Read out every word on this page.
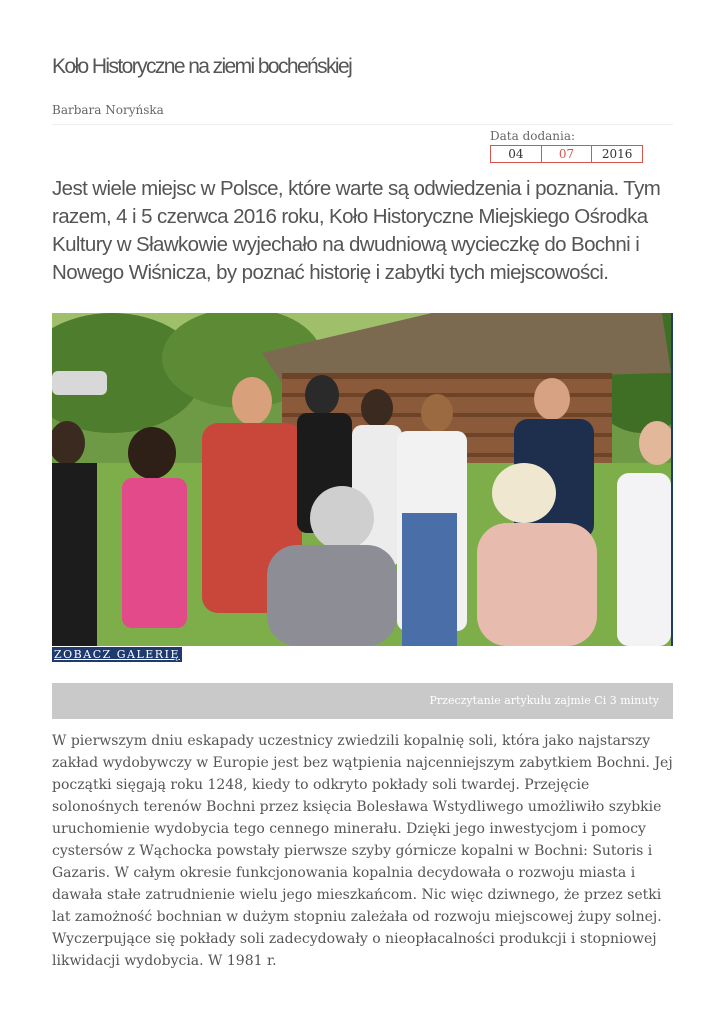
Koło Historyczne na ziemi bocheńskiej
Barbara Noryńska
Data dodania:
04	07	2016

Jest wiele miejsc w Polsce, które warte są odwiedzenia i poznania. Tym razem, 4 i 5 czerwca 2016 roku, Koło Historyczne Miejskiego Ośrodka Kultury w Sławkowie wyjechało na dwudniową wycieczkę do Bochni i Nowego Wiśnicza, by poznać historię i zabytki tych miejscowości.

ZOBACZ GALERIĘ
Przeczytanie artykułu zajmie Ci 3 minuty

W pierwszym dniu eskapady uczestnicy zwiedzili kopalnię soli, która jako najstarszy zakład wydobywczy w Europie jest bez wątpienia najcenniejszym zabytkiem Bochni. Jej początki sięgają roku 1248, kiedy to odkryto pokłady soli twardej. Przejęcie solonośnych terenów Bochni przez księcia Bolesława Wstydliwego umożliwiło szybkie uruchomienie wydobycia tego cennego minerału. Dzięki jego inwestycjom i pomocy cystersów z Wąchocka powstały pierwsze szyby górnicze kopalni w Bochni: Sutoris i Gazaris. W całym okresie funkcjonowania kopalnia decydowała o rozwoju miasta i dawała stałe zatrudnienie wielu jego mieszkańcom. Nic więc dziwnego, że przez setki lat zamożność bochnian w dużym stopniu zależała od rozwoju miejscowej żupy solnej. Wyczerpujące się pokłady soli zadecydowały o nieopłacalności produkcji i stopniowej likwidacji wydobycia. W 1981 r.
